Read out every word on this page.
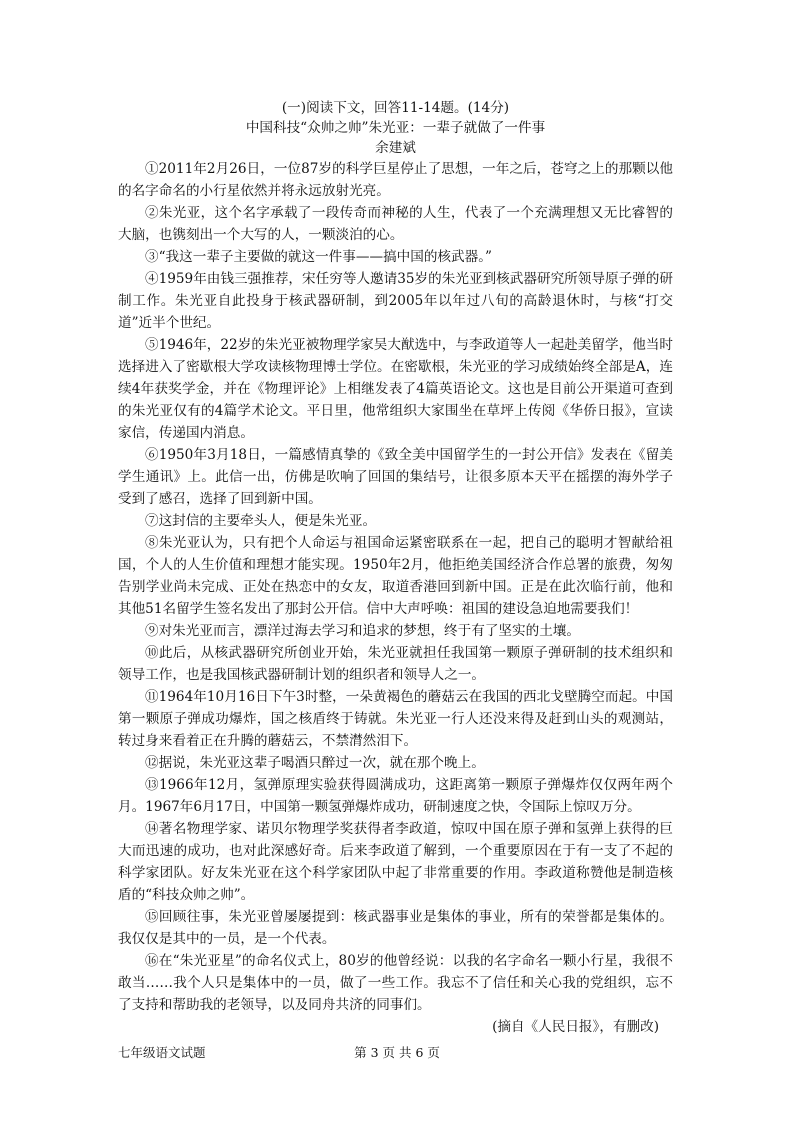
(一)阅读下文，回答11-14题。(14分)
中国科技“众帅之帅”朱光亚：一辈子就做了一件事
余建斌

①2011年2月26日，一位87岁的科学巨星停止了思想，一年之后，苍穹之上的那颗以他的名字命名的小行星依然并将永远放射光亮。

②朱光亚，这个名字承载了一段传奇而神秘的人生，代表了一个充满理想又无比睿智的大脑，也镌刻出一个大写的人，一颗淡泊的心。

③“我这一辈子主要做的就这一件事——搞中国的核武器。”

④1959年由钱三强推荐，宋任穷等人邀请35岁的朱光亚到核武器研究所领导原子弹的研制工作。朱光亚自此投身于核武器研制，到2005年以年过八旬的高龄退休时，与核“打交道”近半个世纪。

⑤1946年，22岁的朱光亚被物理学家吴大猷选中，与李政道等人一起赴美留学，他当时选择进入了密歇根大学攻读核物理博士学位。在密歇根，朱光亚的学习成绩始终全部是A，连续4年获奖学金，并在《物理评论》上相继发表了4篇英语论文。这也是目前公开渠道可查到的朱光亚仅有的4篇学术论文。平日里，他常组织大家围坐在草坪上传阅《华侨日报》，宣读家信，传递国内消息。

⑥1950年3月18日，一篇感情真挚的《致全美中国留学生的一封公开信》发表在《留美学生通讯》上。此信一出，仿佛是吹响了回国的集结号，让很多原本天平在摇摆的海外学子受到了感召，选择了回到新中国。

⑦这封信的主要牵头人，便是朱光亚。

⑧朱光亚认为，只有把个人命运与祖国命运紧密联系在一起，把自己的聪明才智献给祖国，个人的人生价值和理想才能实现。1950年2月，他拒绝美国经济合作总署的旅费，匆匆告别学业尚未完成、正处在热恋中的女友，取道香港回到新中国。正是在此次临行前，他和其他51名留学生签名发出了那封公开信。信中大声呼唤：祖国的建设急迫地需要我们！

⑨对朱光亚而言，漂洋过海去学习和追求的梦想，终于有了坚实的土壤。

⑩此后，从核武器研究所创业开始，朱光亚就担任我国第一颗原子弹研制的技术组织和领导工作，也是我国核武器研制计划的组织者和领导人之一。

⑪1964年10月16日下午3时整，一朵黄褐色的蘑菇云在我国的西北戈壁腾空而起。中国第一颗原子弹成功爆炸，国之核盾终于铸就。朱光亚一行人还没来得及赶到山头的观测站，转过身来看着正在升腾的蘑菇云，不禁潸然泪下。

⑫据说，朱光亚这辈子喝酒只醉过一次，就在那个晚上。

⑬1966年12月，氢弹原理实验获得圆满成功，这距离第一颗原子弹爆炸仅仅两年两个月。1967年6月17日，中国第一颗氢弹爆炸成功，研制速度之快，令国际上惊叹万分。

⑭著名物理学家、诺贝尔物理学奖获得者李政道，惊叹中国在原子弹和氢弹上获得的巨大而迅速的成功，也对此深感好奇。后来李政道了解到，一个重要原因在于有一支了不起的科学家团队。好友朱光亚在这个科学家团队中起了非常重要的作用。李政道称赞他是制造核盾的“科技众帅之帅”。

⑮回顾往事，朱光亚曾屡屡提到：核武器事业是集体的事业，所有的荣誉都是集体的。我仅仅是其中的一员，是一个代表。

⑯在“朱光亚星”的命名仪式上，80岁的他曾经说：以我的名字命名一颗小行星，我很不敢当……我个人只是集体中的一员，做了一些工作。我忘不了信任和关心我的党组织，忘不了支持和帮助我的老领导，以及同舟共济的同事们。

(摘自《人民日报》，有删改)
七年级语文试题	第 3 页 共 6 页
